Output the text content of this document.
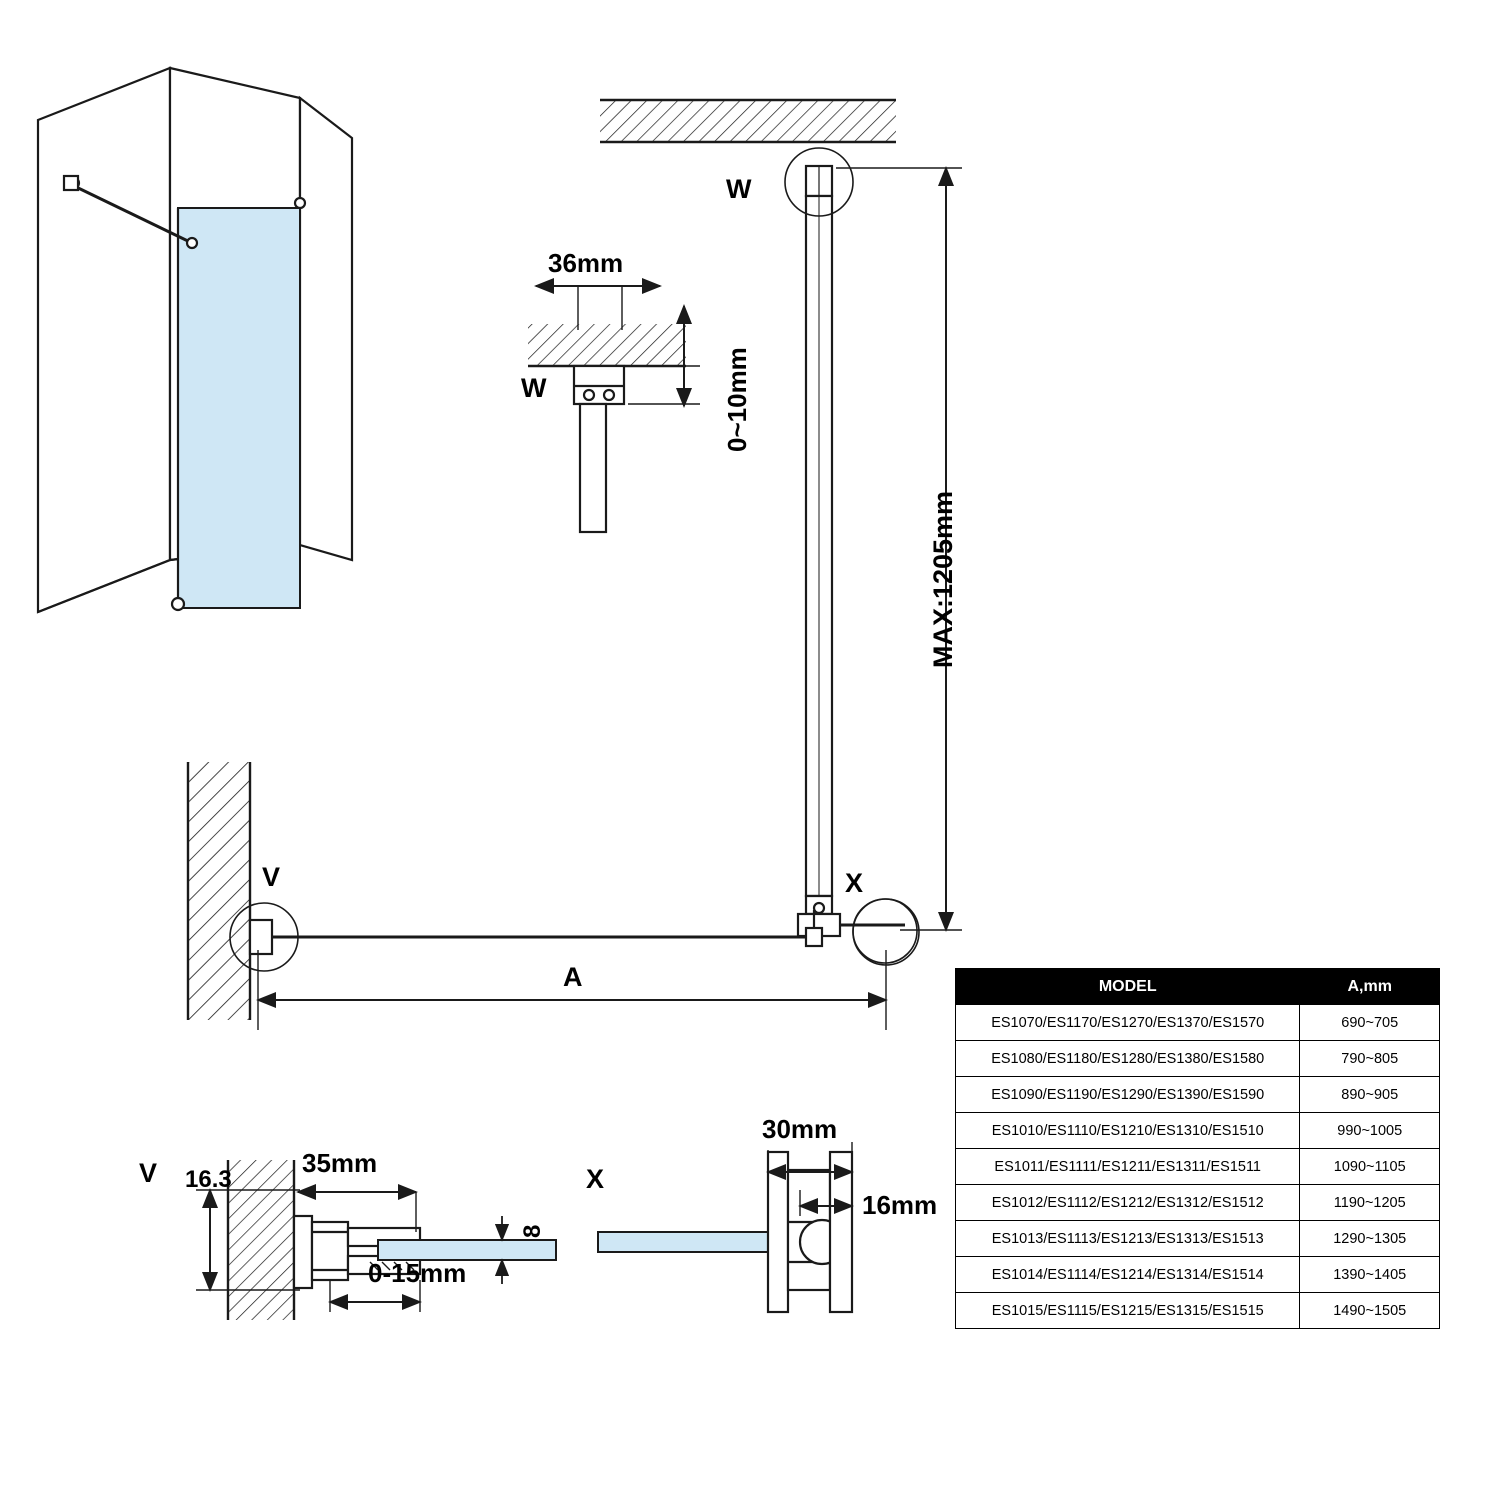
W
W
36mm
0~10mm
MAX:1205mm
V	X
A
V 16.3
35mm
0-15mm
8
X
30mm
16mm
MODEL	A,mm
ES1070/ES1170/ES1270/ES1370/ES1570	690~705
ES1080/ES1180/ES1280/ES1380/ES1580	790~805
ES1090/ES1190/ES1290/ES1390/ES1590	890~905
ES1010/ES1110/ES1210/ES1310/ES1510	990~1005
ES1011/ES1111/ES1211/ES1311/ES1511	1090~1105
ES1012/ES1112/ES1212/ES1312/ES1512	1190~1205
ES1013/ES1113/ES1213/ES1313/ES1513	1290~1305
ES1014/ES1114/ES1214/ES1314/ES1514	1390~1405
ES1015/ES1115/ES1215/ES1315/ES1515	1490~1505
